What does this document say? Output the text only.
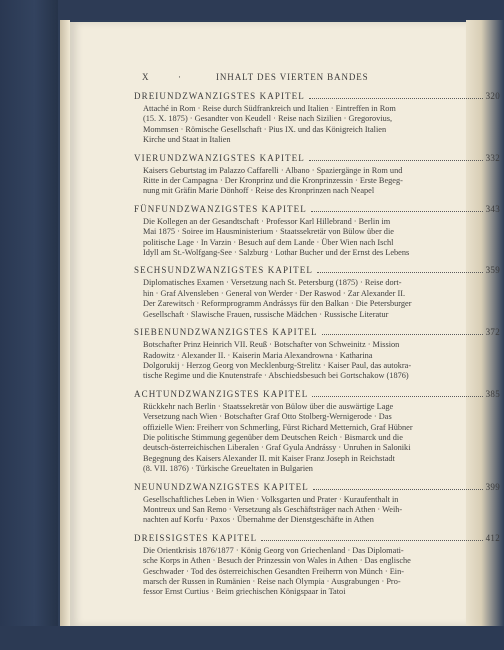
X	·	INHALT DES VIERTEN BANDES
DREIUNDZWANZIGSTES KAPITEL	320
Attaché in Rom · Reise durch Südfrankreich und Italien · Eintreffen in Rom
(15. X. 1875) · Gesandter von Keudell · Reise nach Sizilien · Gregorovius,
Mommsen · Römische Gesellschaft · Pius IX. und das Königreich Italien
Kirche und Staat in Italien
VIERUNDZWANZIGSTES KAPITEL	332
Kaisers Geburtstag im Palazzo Caffarelli · Albano · Spaziergänge in Rom und
Ritte in der Campagna · Der Kronprinz und die Kronprinzessin · Erste Begeg-
nung mit Gräfin Marie Dönhoff · Reise des Kronprinzen nach Neapel
FÜNFUNDZWANZIGSTES KAPITEL	343
Die Kollegen an der Gesandtschaft · Professor Karl Hillebrand · Berlin im
Mai 1875 · Soiree im Hausministerium · Staatssekretär von Bülow über die
politische Lage · In Varzin · Besuch auf dem Lande · Über Wien nach Ischl
Idyll am St.-Wolfgang-See · Salzburg · Lothar Bucher und der Ernst des Lebens
SECHSUNDZWANZIGSTES KAPITEL	359
Diplomatisches Examen · Versetzung nach St. Petersburg (1875) · Reise dort-
hin · Graf Alvensleben · General von Werder · Der Raswod · Zar Alexander II.
Der Zarewitsch · Reformprogramm Andrássys für den Balkan · Die Petersburger
Gesellschaft · Slawische Frauen, russische Mädchen · Russische Literatur
SIEBENUNDZWANZIGSTES KAPITEL	372
Botschafter Prinz Heinrich VII. Reuß · Botschafter von Schweinitz · Mission
Radowitz · Alexander II. · Kaiserin Maria Alexandrowna · Katharina
Dolgorukij · Herzog Georg von Mecklenburg-Strelitz · Kaiser Paul, das autokra-
tische Regime und die Knutenstrafe · Abschiedsbesuch bei Gortschakow (1876)
ACHTUNDZWANZIGSTES KAPITEL	385
Rückkehr nach Berlin · Staatssekretär von Bülow über die auswärtige Lage
Versetzung nach Wien · Botschafter Graf Otto Stolberg-Wernigerode · Das
offizielle Wien: Freiherr von Schmerling, Fürst Richard Metternich, Graf Hübner
Die politische Stimmung gegenüber dem Deutschen Reich · Bismarck und die
deutsch-österreichischen Liberalen · Graf Gyula Andrássy · Unruhen in Saloniki
Begegnung des Kaisers Alexander II. mit Kaiser Franz Joseph in Reichstadt
(8. VII. 1876) · Türkische Greueltaten in Bulgarien
NEUNUNDZWANZIGSTES KAPITEL	399
Gesellschaftliches Leben in Wien · Volksgarten und Prater · Kuraufenthalt in
Montreux und San Remo · Versetzung als Geschäftsträger nach Athen · Weih-
nachten auf Korfu · Paxos · Übernahme der Dienstgeschäfte in Athen
DREISSIGSTES KAPITEL	412
Die Orientkrisis 1876/1877 · König Georg von Griechenland · Das Diplomati-
sche Korps in Athen · Besuch der Prinzessin von Wales in Athen · Das englische
Geschwader · Tod des österreichischen Gesandten Freiherrn von Münch · Ein-
marsch der Russen in Rumänien · Reise nach Olympia · Ausgrabungen · Pro-
fessor Ernst Curtius · Beim griechischen Königspaar in Tatoi
